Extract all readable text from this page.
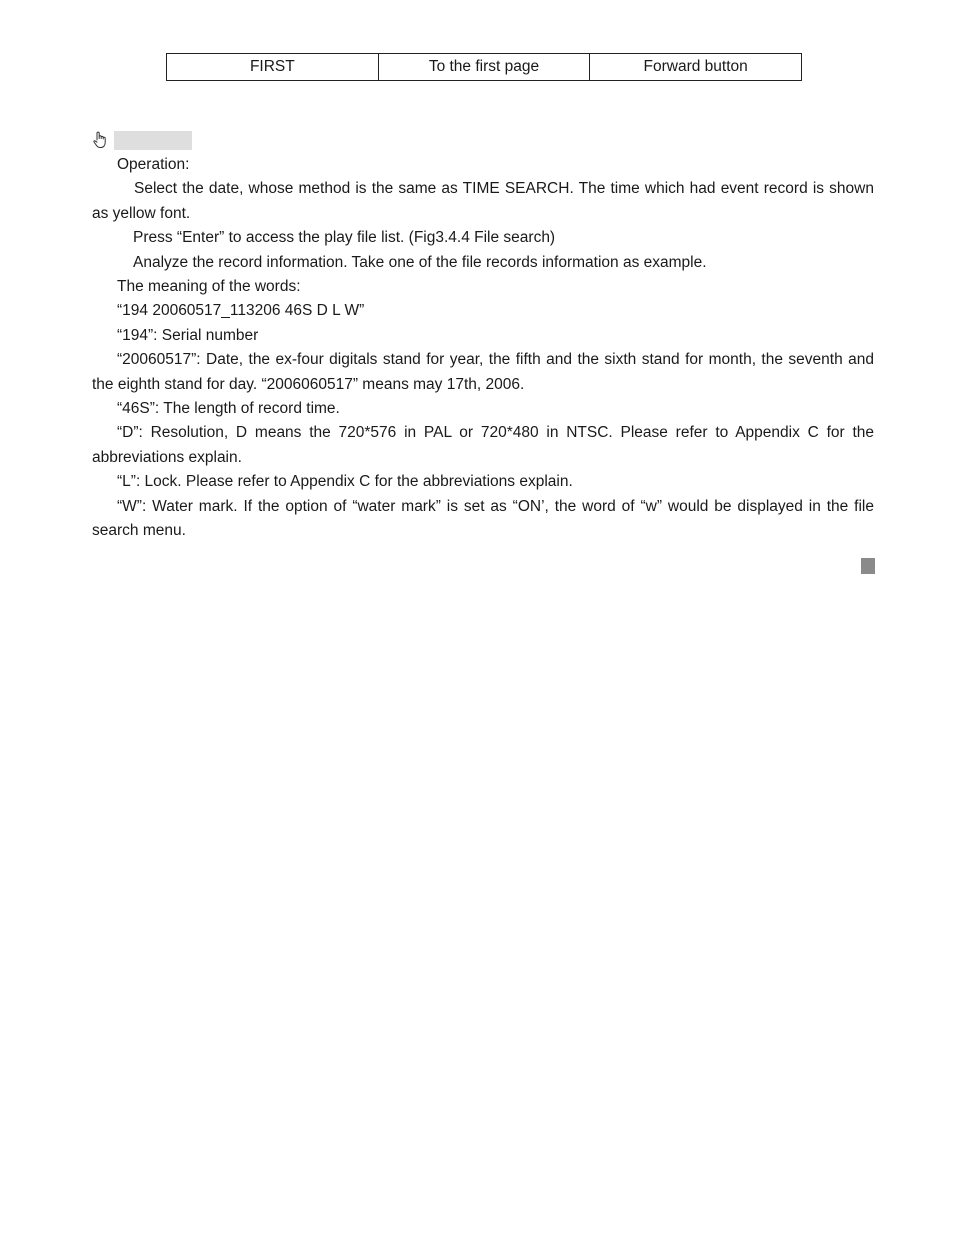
FIRST	To the first page	Forward button

Operation:

Select the date, whose method is the same as TIME SEARCH. The time which had event record is shown as yellow font.

Press “Enter” to access the play file list. (Fig3.4.4 File search)

Analyze the record information. Take one of the file records information as example.

The meaning of the words:

“194 20060517_113206 46S D L W”

“194”: Serial number

“20060517”: Date, the ex-four digitals stand for year, the fifth and the sixth stand for month, the seventh and the eighth stand for day. “2006060517” means may 17th, 2006.

“46S”: The length of record time.

“D”: Resolution, D means the 720*576 in PAL or 720*480 in NTSC. Please refer to Appendix C for the abbreviations explain.

“L”: Lock. Please refer to Appendix C for the abbreviations explain.

“W”: Water mark. If the option of “water mark” is set as “ON’, the word of “w” would be displayed in the file search menu.
